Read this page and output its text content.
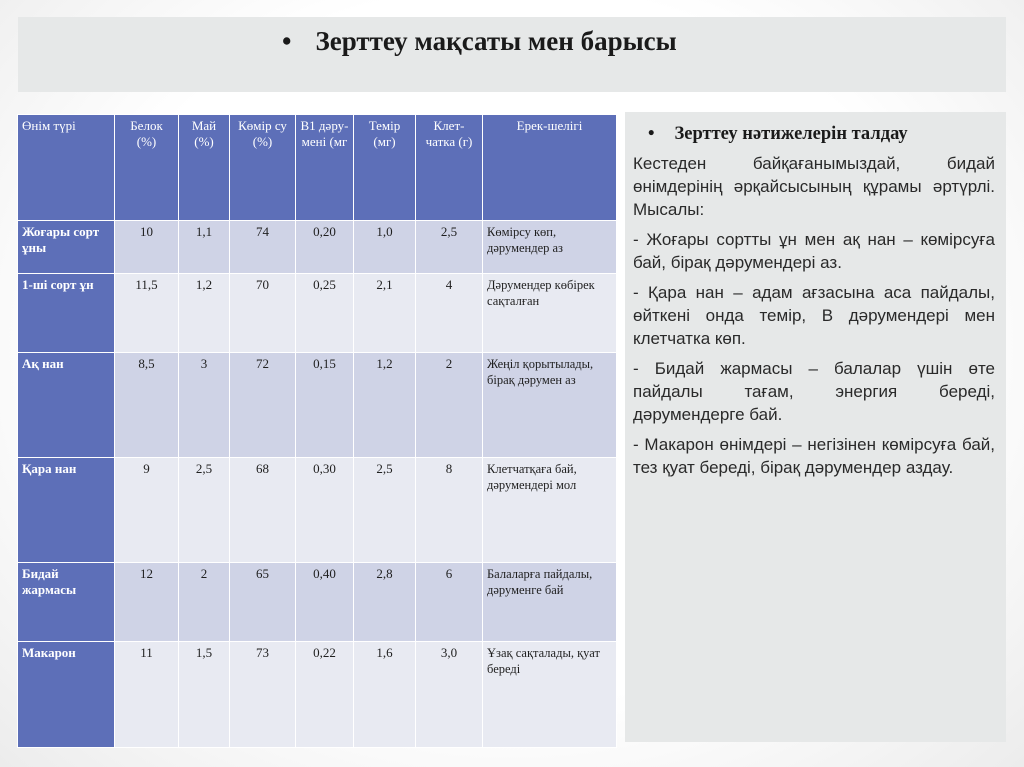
• Зерттеу мақсаты мен барысы
Өнім түрі	Белок (%)	Май (%)	Көмір су (%)	В1 дәру-мені (мг	Темір (мг)	Клет-чатка (г)	Ерек-шелігі
Жоғары сорт ұны	10	1,1	74	0,20	1,0	2,5	Көмірсу көп, дәрумендер аз
1-ші сорт ұн	11,5	1,2	70	0,25	2,1	4	Дәрумендер көбірек сақталған
Ақ нан	8,5	3	72	0,15	1,2	2	Жеңіл қорытылады, бірақ дәрумен аз
Қара нан	9	2,5	68	0,30	2,5	8	Клетчатқаға бай, дәрумендері мол
Бидай жармасы	12	2	65	0,40	2,8	6	Балаларға пайдалы, дәруменге бай
Макарон	11	1,5	73	0,22	1,6	3,0	Ұзақ сақталады, қуат береді
• Зерттеу нәтижелерін талдау

Кестеден байқағанымыздай, бидай өнімдерінің әрқайсысының құрамы әртүрлі. Мысалы:

- Жоғары сортты ұн мен ақ нан – көмірсуға бай, бірақ дәрумендері аз.

- Қара нан – адам ағзасына аса пайдалы, өйткені онда темір, В дәрумендері мен клетчатка көп.

- Бидай жармасы – балалар үшін өте пайдалы тағам, энергия береді, дәрумендерге бай.

- Макарон өнімдері – негізінен көмірсуға бай, тез қуат береді, бірақ дәрумендер аздау.
